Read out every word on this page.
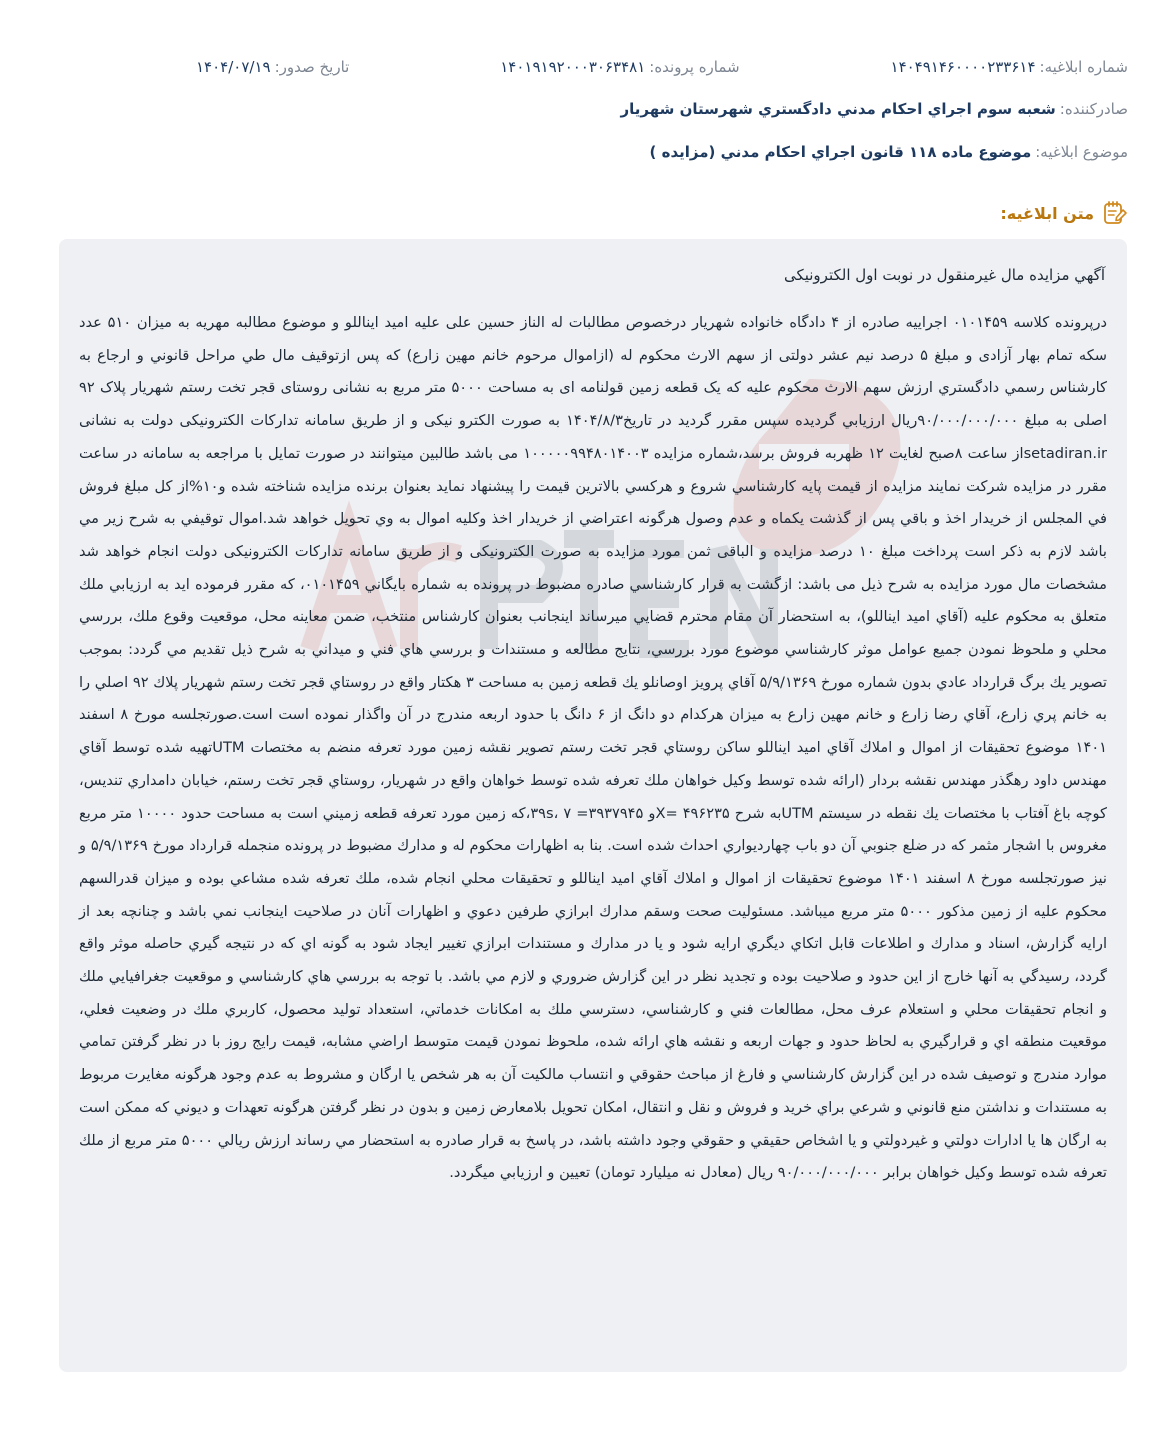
شماره ابلاغيه:
۱۴۰۴۹۱۴۶۰۰۰۰۲۳۳۶۱۴
شماره پرونده:
۱۴۰۱۹۱۹۲۰۰۰۳۰۶۳۴۸۱
تاريخ صدور:
۱۴۰۴/۰۷/۱۹
صادرکننده:
شعبه سوم اجراي احكام مدني دادگستري شهرستان شهريار
موضوع ابلاغيه:
موضوع ماده ۱۱۸ قانون اجراي احكام مدني (مزايده )
متن ابلاغيه:
آگهي مزايده مال غيرمنقول در نوبت اول الكترونيكی

درپرونده كلاسه ۰۱۰۱۴۵۹ اجرایيه صادره از ۴ دادگاه خانواده شهريار درخصوص مطالبات له الناز حسين علی عليه اميد ايناللو و موضوع مطالبه مهريه به ميزان ۵۱۰ عدد سكه تمام بهار آزادی و مبلغ ۵ درصد نيم عشر دولتی از سهم الارث محكوم له (ازاموال مرحوم خانم مهين زارع) كه پس ازتوقيف مال طي مراحل قانوني و ارجاع به كارشناس رسمي دادگستري ارزش سهم الارث محكوم عليه كه يک قطعه زمين قولنامه ای به مساحت ۵۰۰۰ متر مربع به نشانی روستای قجر تخت رستم شهريار پلاک ۹۲ اصلی به مبلغ ۹۰/۰۰۰/۰۰۰/۰۰۰ريال ارزيابي گرديده سپس مقرر گرديد در تاريخ۱۴۰۴/۸/۳ به صورت الكترو نيكی و از طريق سامانه تداركات الكترونيكی دولت به نشانی setadiran.irاز ساعت ۸صبح لغايت ۱۲ ظهربه فروش برسد،شماره مزايده ۱۰۰۰۰۰۹۹۴۸۰۱۴۰۰۳ می باشد طالبين ميتوانند در صورت تمايل با مراجعه به سامانه در ساعت مقرر در مزايده شركت نمايند مزايده از قيمت پايه كارشناسي شروع و هركسي بالاترين قيمت را پيشنهاد نمايد بعنوان برنده مزايده شناخته شده و۱۰%از كل مبلغ فروش في المجلس از خريدار اخذ و باقي پس از گذشت يكماه و عدم وصول هرگونه اعتراضي از خريدار اخذ وكليه اموال به وي تحويل خواهد شد.اموال توقيفي به شرح زير مي باشد لازم به ذكر است پرداخت مبلغ ۱۰ درصد مزايده و الباقی ثمن مورد مزايده به صورت الكترونيكی و از طريق سامانه تداركات الكترونيكی دولت انجام خواهد شد مشخصات مال مورد مزايده به شرح ذيل می باشد: ازگشت به قرار كارشناسي صادره مضبوط در پرونده به شماره بايگاني ۰۱۰۱۴۵۹، كه مقرر فرموده ايد به ارزيابي ملك متعلق به محكوم عليه (آقاي اميد ايناللو)، به استحضار آن مقام محترم قضايي ميرساند اينجانب بعنوان كارشناس منتخب، ضمن معاينه محل، موقعيت وقوع ملك، بررسي محلي و ملحوظ نمودن جميع عوامل موثر كارشناسي موضوع مورد بررسي، نتايج مطالعه و مستندات و بررسي هاي فني و ميداني به شرح ذيل تقديم مي گردد: بموجب تصوير يك برگ قرارداد عادي بدون شماره مورخ ۵/۹/۱۳۶۹ آقاي پرويز اوصانلو يك قطعه زمين به مساحت ۳ هكتار واقع در روستاي قجر تخت رستم شهريار پلاك ۹۲ اصلي را به خانم پري زارع، آقاي رضا زارع و خانم مهين زارع به ميزان هركدام دو دانگ از ۶ دانگ با حدود اربعه مندرج در آن واگذار نموده است است.صورتجلسه مورخ ۸ اسفند ۱۴۰۱ موضوع تحقيقات از اموال و املاك آقاي اميد ايناللو ساكن روستاي قجر تخت رستم تصوير نقشه زمين مورد تعرفه منضم به مختصات UTMتهيه شده توسط آقاي مهندس داود رهگذر مهندس نقشه بردار (ارائه شده توسط وكيل خواهان ملك تعرفه شده توسط خواهان واقع در شهريار، روستاي قجر تخت رستم، خيابان دامداري تنديس، كوچه باغ آفتاب با مختصات يك نقطه در سيستم UTMبه شرح ۴۹۶۲۳۵ =Xو ۳۹۳۷۹۴۵= ۳۹s، ۷،كه زمين مورد تعرفه قطعه زميني است به مساحت حدود ۱۰۰۰۰ متر مربع مغروس با اشجار مثمر كه در ضلع جنوبي آن دو باب چهارديواري احداث شده است. بنا به اظهارات محكوم له و مدارك مضبوط در پرونده منجمله قرارداد مورخ ۵/۹/۱۳۶۹ و نيز صورتجلسه مورخ ۸ اسفند ۱۴۰۱ موضوع تحقيقات از اموال و املاك آقاي اميد ايناللو و تحقيقات محلي انجام شده، ملك تعرفه شده مشاعي بوده و ميزان قدرالسهم محكوم عليه از زمين مذكور ۵۰۰۰ متر مربع ميباشد. مسئوليت صحت وسقم مدارك ابرازي طرفين دعوي و اظهارات آنان در صلاحيت اينجانب نمي باشد و چنانچه بعد از ارايه گزارش، اسناد و مدارك و اطلاعات قابل اتكاي ديگري ارايه شود و يا در مدارك و مستندات ابرازي تغيير ايجاد شود به گونه اي كه در نتيجه گيري حاصله موثر واقع گردد، رسيدگي به آنها خارج از اين حدود و صلاحيت بوده و تجديد نظر در اين گزارش ضروري و لازم مي باشد. با توجه به بررسي هاي كارشناسي و موقعيت جغرافيايي ملك و انجام تحقيقات محلي و استعلام عرف محل، مطالعات فني و كارشناسي، دسترسي ملك به امكانات خدماتي، استعداد توليد محصول، كاربري ملك در وضعيت فعلي، موقعيت منطقه اي و قرارگيري به لحاظ حدود و جهات اربعه و نقشه هاي ارائه شده، ملحوظ نمودن قيمت متوسط اراضي مشابه، قيمت رايج روز با در نظر گرفتن تمامي موارد مندرج و توصيف شده در اين گزارش كارشناسي و فارغ از مباحث حقوقي و انتساب مالكيت آن به هر شخص يا ارگان و مشروط به عدم وجود هرگونه مغايرت مربوط به مستندات و نداشتن منع قانوني و شرعي براي خريد و فروش و نقل و انتقال، امكان تحويل بلامعارض زمين و بدون در نظر گرفتن هرگونه تعهدات و ديوني كه ممكن است به ارگان ها يا ادارات دولتي و غيردولتي و يا اشخاص حقيقي و حقوقي وجود داشته باشد، در پاسخ به قرار صادره به استحضار مي رساند ارزش ريالي ۵۰۰۰ متر مربع از ملك تعرفه شده توسط وكيل خواهان برابر ۹۰/۰۰۰/۰۰۰/۰۰۰ ريال (معادل نه ميليارد تومان) تعيين و ارزيابي ميگردد.
